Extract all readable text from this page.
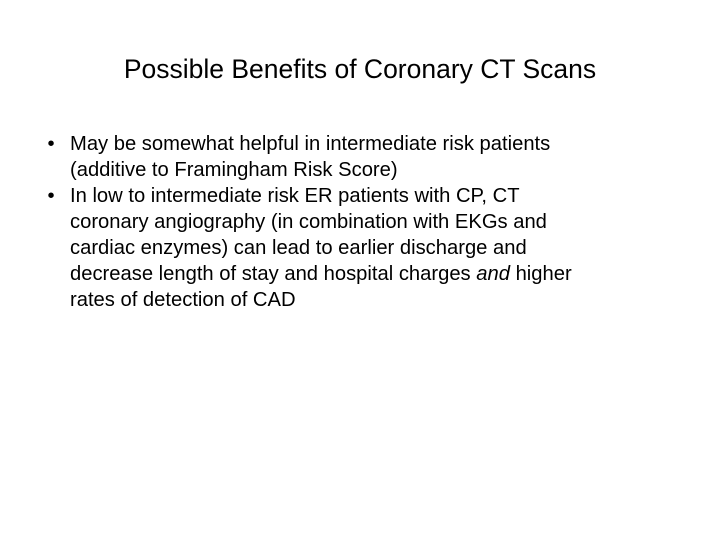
Possible Benefits of Coronary CT Scans
• May be somewhat helpful in intermediate risk patients
(additive to Framingham Risk Score)
• In low to intermediate risk ER patients with CP, CT
coronary angiography (in combination with EKGs and
cardiac enzymes) can lead to earlier discharge and
decrease length of stay and hospital charges and higher
rates of detection of CAD
